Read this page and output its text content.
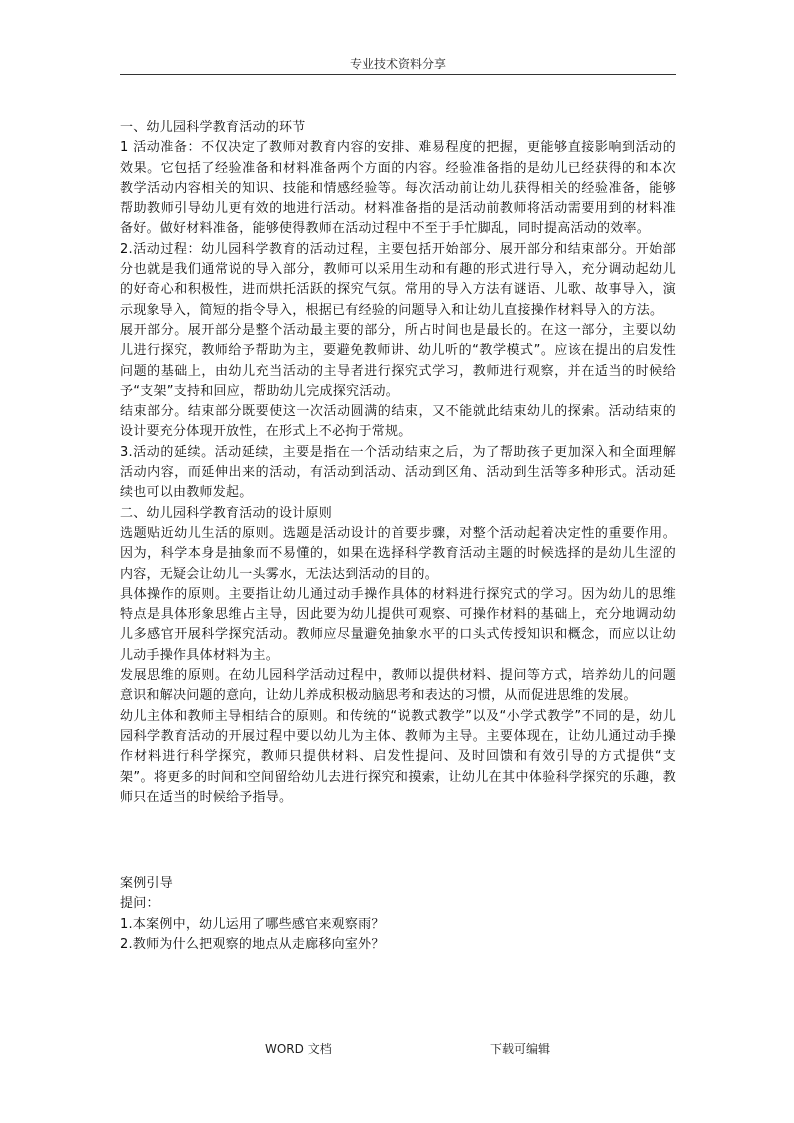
专业技术资料分享

一、幼儿园科学教育活动的环节

1 活动准备：不仅决定了教师对教育内容的安排、难易程度的把握，更能够直接影响到活动的效果。它包括了经验准备和材料准备两个方面的内容。经验准备指的是幼儿已经获得的和本次教学活动内容相关的知识、技能和情感经验等。每次活动前让幼儿获得相关的经验准备，能够帮助教师引导幼儿更有效的地进行活动。材料准备指的是活动前教师将活动需要用到的材料准备好。做好材料准备，能够使得教师在活动过程中不至于手忙脚乱，同时提高活动的效率。

2.活动过程：幼儿园科学教育的活动过程，主要包括开始部分、展开部分和结束部分。开始部分也就是我们通常说的导入部分，教师可以采用生动和有趣的形式进行导入，充分调动起幼儿的好奇心和积极性，进而烘托活跃的探究气氛。常用的导入方法有谜语、儿歌、故事导入，演示现象导入，简短的指令导入，根据已有经验的问题导入和让幼儿直接操作材料导入的方法。

展开部分。展开部分是整个活动最主要的部分，所占时间也是最长的。在这一部分，主要以幼儿进行探究，教师给予帮助为主，要避免教师讲、幼儿听的“教学模式”。应该在提出的启发性问题的基础上，由幼儿充当活动的主导者进行探究式学习，教师进行观察，并在适当的时候给予“支架”支持和回应，帮助幼儿完成探究活动。

结束部分。结束部分既要使这一次活动圆满的结束，又不能就此结束幼儿的探索。活动结束的设计要充分体现开放性，在形式上不必拘于常规。

3.活动的延续。活动延续，主要是指在一个活动结束之后，为了帮助孩子更加深入和全面理解活动内容，而延伸出来的活动，有活动到活动、活动到区角、活动到生活等多种形式。活动延续也可以由教师发起。

二、幼儿园科学教育活动的设计原则

选题贴近幼儿生活的原则。选题是活动设计的首要步骤，对整个活动起着决定性的重要作用。因为，科学本身是抽象而不易懂的，如果在选择科学教育活动主题的时候选择的是幼儿生涩的内容，无疑会让幼儿一头雾水，无法达到活动的目的。

具体操作的原则。主要指让幼儿通过动手操作具体的材料进行探究式的学习。因为幼儿的思维特点是具体形象思维占主导，因此要为幼儿提供可观察、可操作材料的基础上，充分地调动幼儿多感官开展科学探究活动。教师应尽量避免抽象水平的口头式传授知识和概念，而应以让幼儿动手操作具体材料为主。

发展思维的原则。在幼儿园科学活动过程中，教师以提供材料、提问等方式，培养幼儿的问题意识和解决问题的意向，让幼儿养成积极动脑思考和表达的习惯，从而促进思维的发展。

幼儿主体和教师主导相结合的原则。和传统的“说教式教学”以及“小学式教学”不同的是，幼儿园科学教育活动的开展过程中要以幼儿为主体、教师为主导。主要体现在，让幼儿通过动手操作材料进行科学探究，教师只提供材料、启发性提问、及时回馈和有效引导的方式提供“支架”。将更多的时间和空间留给幼儿去进行探究和摸索，让幼儿在其中体验科学探究的乐趣，教师只在适当的时候给予指导。

案例引导

提问：

1.本案例中，幼儿运用了哪些感官来观察雨？

2.教师为什么把观察的地点从走廊移向室外？

WORD 文档	下载可编辑
